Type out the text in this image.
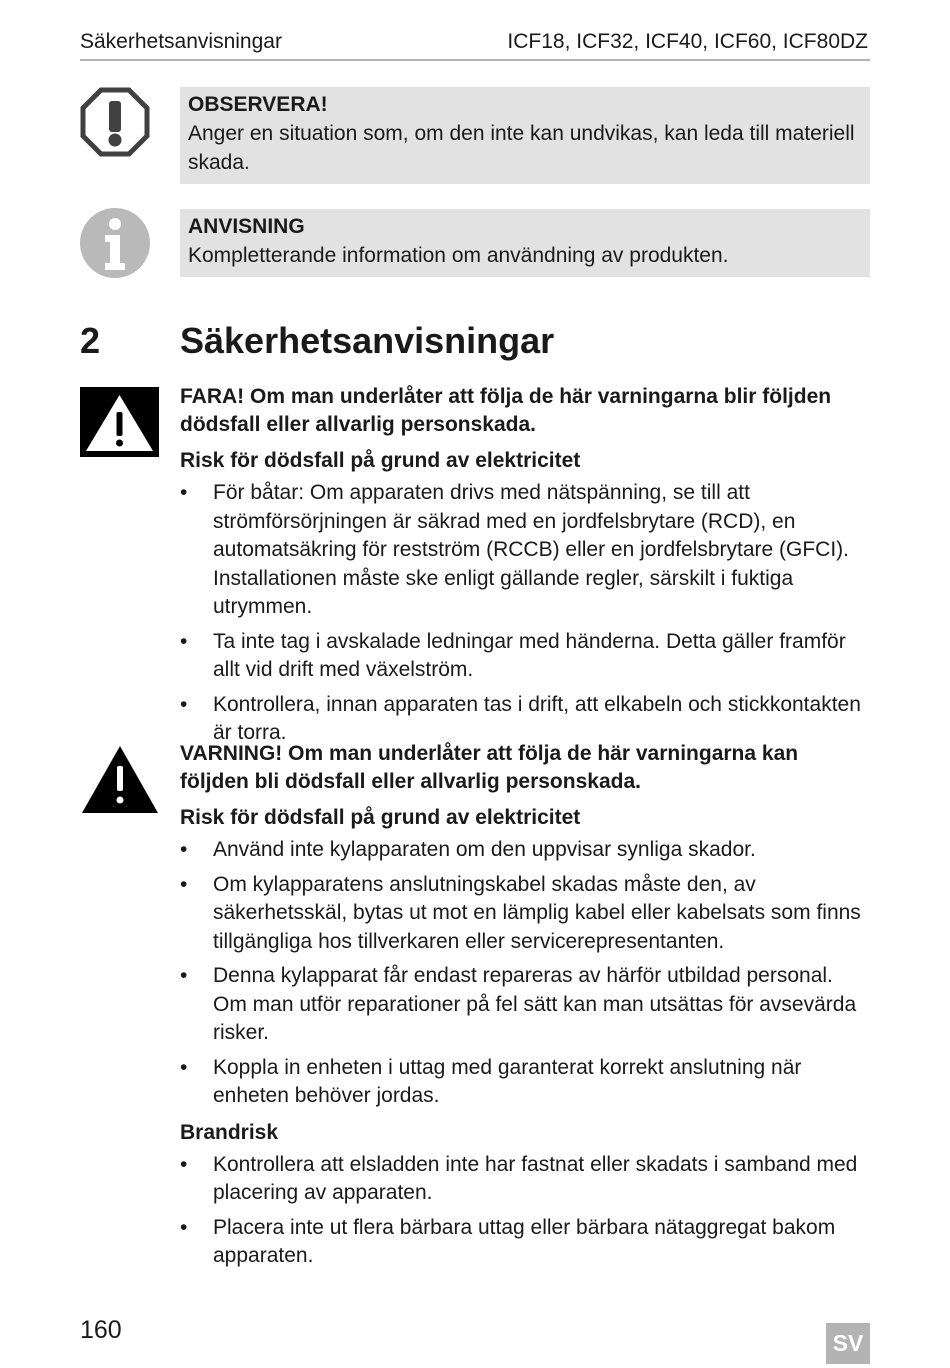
Säkerhetsanvisningar	ICF18, ICF32, ICF40, ICF60, ICF80DZ
OBSERVERA!
Anger en situation som, om den inte kan undvikas, kan leda till materiell skada.
ANVISNING
Kompletterande information om användning av produkten.
2 Säkerhetsanvisningar

FARA! Om man underlåter att följa de här varningarna blir följden dödsfall eller allvarlig personskada.

Risk för dödsfall på grund av elektricitet

• För båtar: Om apparaten drivs med nätspänning, se till att strömförsörjningen är säkrad med en jordfelsbrytare (RCD), en automatsäkring för restström (RCCB) eller en jordfelsbrytare (GFCI). Installationen måste ske enligt gällande regler, särskilt i fuktiga utrymmen.
• Ta inte tag i avskalade ledningar med händerna. Detta gäller framför allt vid drift med växelström.
• Kontrollera, innan apparaten tas i drift, att elkabeln och stickkontakten är torra.

VARNING! Om man underlåter att följa de här varningarna kan följden bli dödsfall eller allvarlig personskada.

Risk för dödsfall på grund av elektricitet

• Använd inte kylapparaten om den uppvisar synliga skador.
• Om kylapparatens anslutningskabel skadas måste den, av säkerhetsskäl, bytas ut mot en lämplig kabel eller kabelsats som finns tillgängliga hos tillverkaren eller servicerepresentanten.
• Denna kylapparat får endast repareras av härför utbildad personal. Om man utför reparationer på fel sätt kan man utsättas för avsevärda risker.
• Koppla in enheten i uttag med garanterat korrekt anslutning när enheten behöver jordas.

Brandrisk

• Kontrollera att elsladden inte har fastnat eller skadats i samband med placering av apparaten.
• Placera inte ut flera bärbara uttag eller bärbara nätaggregat bakom apparaten.
160	SV
